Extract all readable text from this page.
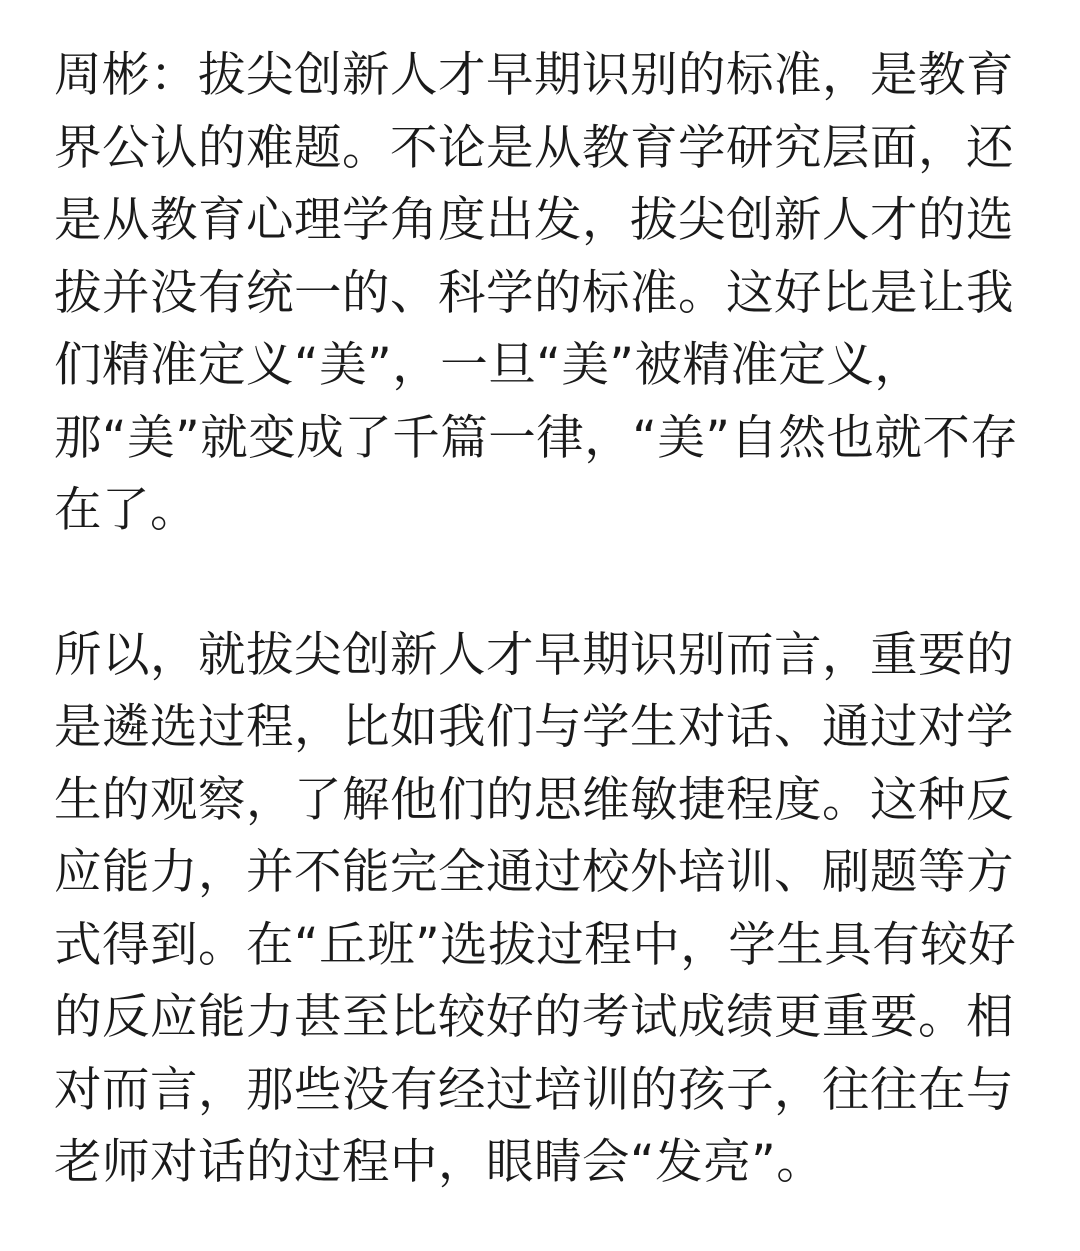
周彬：拔尖创新人才早期识别的标准，是教育界公认的难题。不论是从教育学研究层面，还是从教育心理学角度出发，拔尖创新人才的选拔并没有统一的、科学的标准。这好比是让我们精准定义“美”，一旦“美”被精准定义，那“美”就变成了千篇一律，“美”自然也就不存在了。

所以，就拔尖创新人才早期识别而言，重要的是遴选过程，比如我们与学生对话、通过对学生的观察，了解他们的思维敏捷程度。这种反应能力，并不能完全通过校外培训、刷题等方式得到。在“丘班”选拔过程中，学生具有较好的反应能力甚至比较好的考试成绩更重要。相对而言，那些没有经过培训的孩子，往往在与老师对话的过程中，眼睛会“发亮”。
